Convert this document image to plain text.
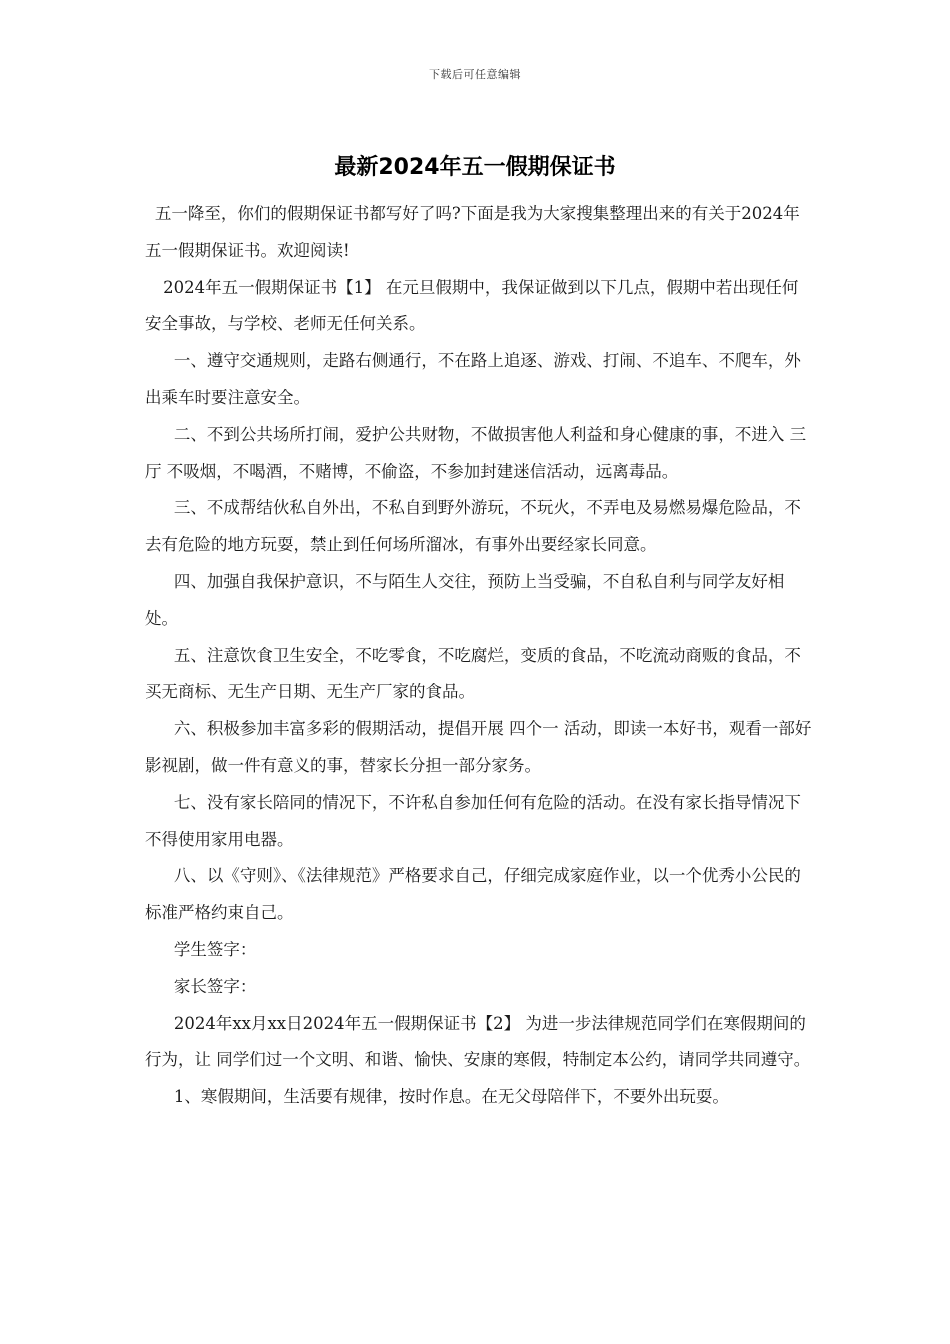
下载后可任意编辑
最新2024年五一假期保证书

五一降至，你们的假期保证书都写好了吗?下面是我为大家搜集整理出来的有关于2024年五一假期保证书。欢迎阅读!

2024年五一假期保证书【1】 在元旦假期中，我保证做到以下几点，假期中若出现任何安全事故，与学校、老师无任何关系。

一、遵守交通规则，走路右侧通行，不在路上追逐、游戏、打闹、不追车、不爬车，外出乘车时要注意安全。

二、不到公共场所打闹，爱护公共财物，不做损害他人利益和身心健康的事，不进入 三厅 不吸烟，不喝酒，不赌博，不偷盗，不参加封建迷信活动，远离毒品。

三、不成帮结伙私自外出，不私自到野外游玩，不玩火，不弄电及易燃易爆危险品，不去有危险的地方玩耍，禁止到任何场所溜冰，有事外出要经家长同意。

四、加强自我保护意识，不与陌生人交往，预防上当受骗，不自私自利与同学友好相处。

五、注意饮食卫生安全，不吃零食，不吃腐烂，变质的食品，不吃流动商贩的食品，不买无商标、无生产日期、无生产厂家的食品。

六、积极参加丰富多彩的假期活动，提倡开展 四个一 活动，即读一本好书，观看一部好影视剧，做一件有意义的事，替家长分担一部分家务。

七、没有家长陪同的情况下，不许私自参加任何有危险的活动。在没有家长指导情况下不得使用家用电器。

八、以《守则》、《法律规范》严格要求自己，仔细完成家庭作业，以一个优秀小公民的标准严格约束自己。

学生签字：

家长签字：

2024年xx月xx日2024年五一假期保证书【2】 为进一步法律规范同学们在寒假期间的行为，让 同学们过一个文明、和谐、愉快、安康的寒假，特制定本公约，请同学共同遵守。

1、寒假期间，生活要有规律，按时作息。在无父母陪伴下，不要外出玩耍。
